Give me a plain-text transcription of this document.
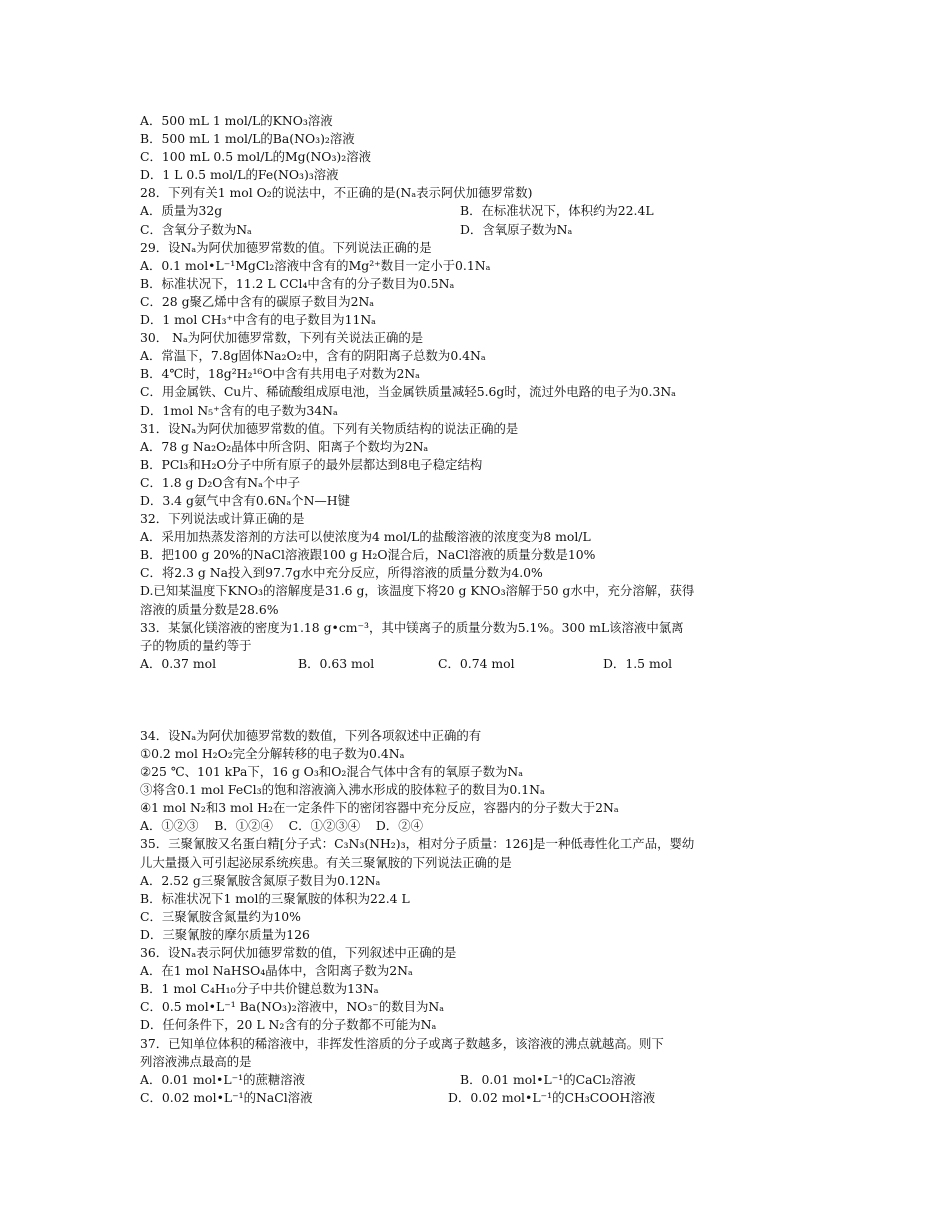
A．500 mL 1 mol/L的KNO₃溶液
B．500 mL 1 mol/L的Ba(NO₃)₂溶液
C．100 mL 0.5 mol/L的Mg(NO₃)₂溶液
D．1 L 0.5 mol/L的Fe(NO₃)₃溶液
28．下列有关1 mol O₂的说法中，不正确的是(Nₐ表示阿伏加德罗常数)
A．质量为32g	B．在标准状况下，体积约为22.4L
C．含氧分子数为Nₐ	D．含氧原子数为Nₐ
29．设Nₐ为阿伏加德罗常数的值。下列说法正确的是
A．0.1 mol•L⁻¹MgCl₂溶液中含有的Mg²⁺数目一定小于0.1Nₐ
B．标准状况下，11.2 L CCl₄中含有的分子数目为0.5Nₐ
C．28 g聚乙烯中含有的碳原子数目为2Nₐ
D．1 mol CH₃⁺中含有的电子数目为11Nₐ
30． Nₐ为阿伏加德罗常数，下列有关说法正确的是
A．常温下，7.8g固体Na₂O₂中，含有的阴阳离子总数为0.4Nₐ
B．4℃时，18g²H₂¹⁶O中含有共用电子对数为2Nₐ
C．用金属铁、Cu片、稀硫酸组成原电池，当金属铁质量减轻5.6g时，流过外电路的电子为0.3Nₐ
D．1mol N₅⁺含有的电子数为34Nₐ
31．设Nₐ为阿伏加德罗常数的值。下列有关物质结构的说法正确的是
A．78 g Na₂O₂晶体中所含阴、阳离子个数均为2Nₐ
B．PCl₃和H₂O分子中所有原子的最外层都达到8电子稳定结构
C．1.8 g D₂O含有Nₐ个中子
D．3.4 g氨气中含有0.6Nₐ个N—H键
32．下列说法或计算正确的是
A．采用加热蒸发溶剂的方法可以使浓度为4 mol/L的盐酸溶液的浓度变为8 mol/L
B．把100 g 20%的NaCl溶液跟100 g H₂O混合后，NaCl溶液的质量分数是10%
C．将2.3 g Na投入到97.7g水中充分反应，所得溶液的质量分数为4.0%
D.已知某温度下KNO₃的溶解度是31.6 g，该温度下将20 g KNO₃溶解于50 g水中，充分溶解，获得
溶液的质量分数是28.6%
33．某氯化镁溶液的密度为1.18 g•cm⁻³，其中镁离子的质量分数为5.1%。300 mL该溶液中氯离
子的物质的量约等于
A．0.37 mol	B．0.63 mol	C．0.74 mol	D．1.5 mol
34．设Nₐ为阿伏加德罗常数的数值，下列各项叙述中正确的有
①0.2 mol H₂O₂完全分解转移的电子数为0.4Nₐ
②25 ℃、101 kPa下，16 g O₃和O₂混合气体中含有的氧原子数为Nₐ
③将含0.1 mol FeCl₃的饱和溶液滴入沸水形成的胶体粒子的数目为0.1Nₐ
④1 mol N₂和3 mol H₂在一定条件下的密闭容器中充分反应，容器内的分子数大于2Nₐ
A．①②③    B．①②④    C．①②③④    D．②④
35．三聚氰胺又名蛋白精[分子式：C₃N₃(NH₂)₃，相对分子质量：126]是一种低毒性化工产品，婴幼
儿大量摄入可引起泌尿系统疾患。有关三聚氰胺的下列说法正确的是
A．2.52 g三聚氰胺含氮原子数目为0.12Nₐ
B．标准状况下1 mol的三聚氰胺的体积为22.4 L
C．三聚氰胺含氮量约为10%
D．三聚氰胺的摩尔质量为126
36．设Nₐ表示阿伏加德罗常数的值，下列叙述中正确的是
A．在1 mol NaHSO₄晶体中，含阳离子数为2Nₐ
B．1 mol C₄H₁₀分子中共价键总数为13Nₐ
C．0.5 mol•L⁻¹ Ba(NO₃)₂溶液中，NO₃⁻的数目为Nₐ
D．任何条件下，20 L N₂含有的分子数都不可能为Nₐ
37．已知单位体积的稀溶液中，非挥发性溶质的分子或离子数越多，该溶液的沸点就越高。则下
列溶液沸点最高的是
A．0.01 mol•L⁻¹的蔗糖溶液	B．0.01 mol•L⁻¹的CaCl₂溶液
C．0.02 mol•L⁻¹的NaCl溶液	D．0.02 mol•L⁻¹的CH₃COOH溶液
